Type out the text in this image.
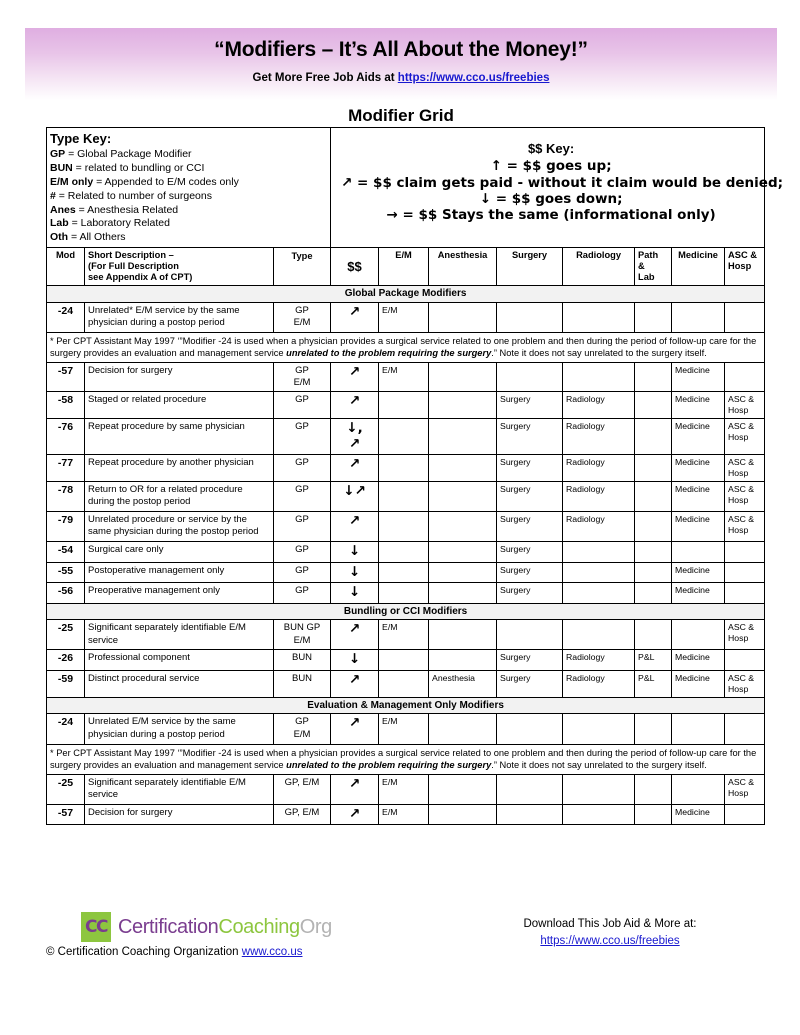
“Modifiers – It’s All About the Money!”
Get More Free Job Aids at https://www.cco.us/freebies
Modifier Grid
Type Key:
GP = Global Package Modifier
BUN = related to bundling or CCI
E/M only = Appended to E/M codes only
# = Related to number of surgeons
Anes = Anesthesia Related
Lab = Laboratory Related
Oth = All Others

$$ Key:
↑ = $$ goes up;
↗ = $$ claim gets paid - without it claim would be denied;
↓ = $$ goes down;
→ = $$ Stays the same (informational only)

Mod	Short Description –
(For Full Description
see Appendix A of CPT)
	Type	$$	E/M	Anesthesia	Surgery	Radiology	Path
&
Lab
	Medicine	ASC &
Hosp

Global Package Modifiers										
-24	Unrelated* E/M service by the same physician during a postop period	GP
E/M	↗	E/M						
* Per CPT Assistant May 1997 ‘”Modifier -24 is used when a physician provides a surgical service related to one problem and then during the period of follow-up care for the surgery provides an evaluation and management service unrelated to the problem requiring the surgery.” Note it does not say unrelated to the surgery itself.										
-57	Decision for surgery	GP
E/M	↗	E/M					Medicine	
-58	Staged or related procedure	GP	↗			Surgery	Radiology		Medicine	ASC &
Hosp
-76	Repeat procedure by same physician	GP	↓,
↗			Surgery	Radiology		Medicine	ASC &
Hosp
-77	Repeat procedure by another physician	GP	↗			Surgery	Radiology		Medicine	ASC &
Hosp
-78	Return to OR for a related procedure during the postop period	GP	↓↗			Surgery	Radiology		Medicine	ASC &
Hosp
-79	Unrelated procedure or service by the same physician during the postop period	GP	↗			Surgery	Radiology		Medicine	ASC &
Hosp
-54	Surgical care only	GP	↓			Surgery				
-55	Postoperative management only	GP	↓			Surgery			Medicine	
-56	Preoperative management only	GP	↓			Surgery			Medicine	
Bundling or CCI Modifiers										
-25	Significant separately identifiable E/M service	BUN GP
E/M	↗	E/M						ASC &
Hosp
-26	Professional component	BUN	↓			Surgery	Radiology	P&L	Medicine	
-59	Distinct procedural service	BUN	↗		Anesthesia	Surgery	Radiology	P&L	Medicine	ASC &
Hosp
Evaluation & Management Only Modifiers										
-24	Unrelated E/M service by the same physician during a postop period	GP
E/M	↗	E/M						
* Per CPT Assistant May 1997 ‘”Modifier -24 is used when a physician provides a surgical service related to one problem and then during the period of follow-up care for the surgery provides an evaluation and management service unrelated to the problem requiring the surgery.” Note it does not say unrelated to the surgery itself.										
-25	Significant separately identifiable E/M service	GP, E/M	↗	E/M						ASC &
Hosp
-57	Decision for surgery	GP, E/M	↗	E/M					Medicine	
CC CertificationCoachingOrg
© Certification Coaching Organization www.cco.us
Download This Job Aid & More at:
https://www.cco.us/freebies
